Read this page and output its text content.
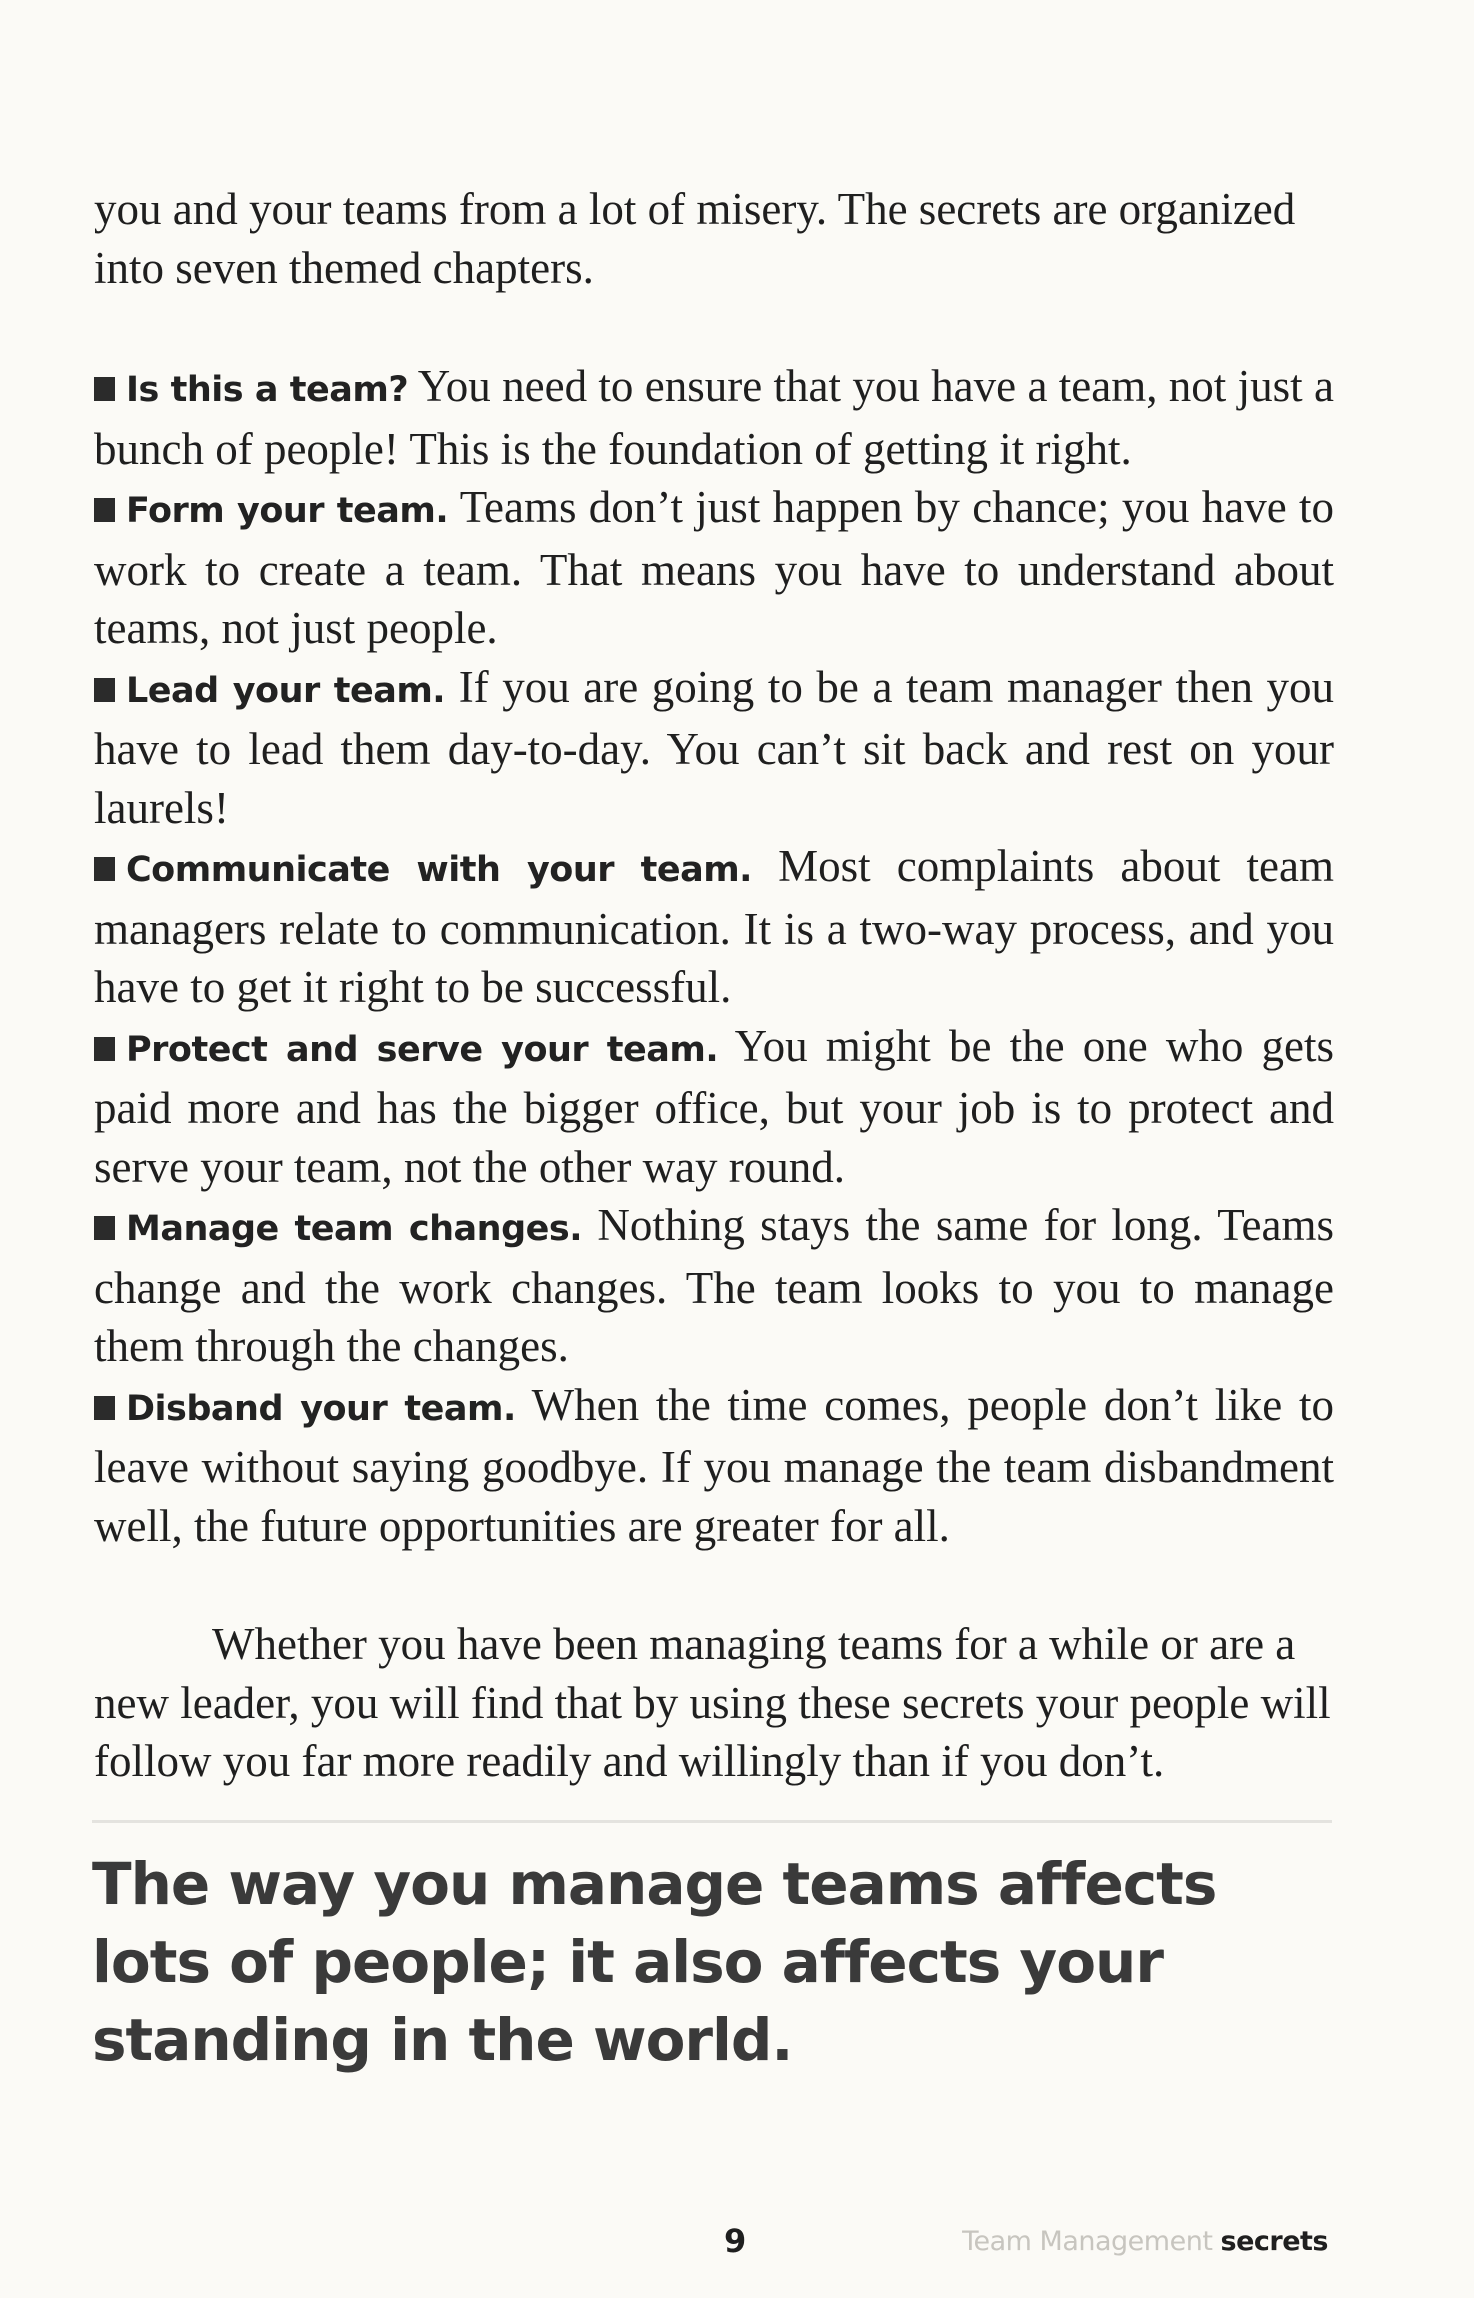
you and your teams from a lot of misery. The secrets are organized into seven themed chapters.

Is this a team? You need to ensure that you have a team, not just a bunch of people! This is the foundation of getting it right.

Form your team. Teams don’t just happen by chance; you have to work to create a team. That means you have to understand about teams, not just people.

Lead your team. If you are going to be a team manager then you have to lead them day-to-day. You can’t sit back and rest on your laurels!

Communicate with your team. Most complaints about team managers relate to communication. It is a two-way process, and you have to get it right to be successful.

Protect and serve your team. You might be the one who gets paid more and has the bigger office, but your job is to protect and serve your team, not the other way round.

Manage team changes. Nothing stays the same for long. Teams change and the work changes. The team looks to you to manage them through the changes.

Disband your team. When the time comes, people don’t like to leave without saying goodbye. If you manage the team disbandment well, the future opportunities are greater for all.

Whether you have been managing teams for a while or are a new leader, you will find that by using these secrets your people will follow you far more readily and willingly than if you don’t.

The way you manage teams affects lots of people; it also affects your standing in the world.

9	Team Management secrets
